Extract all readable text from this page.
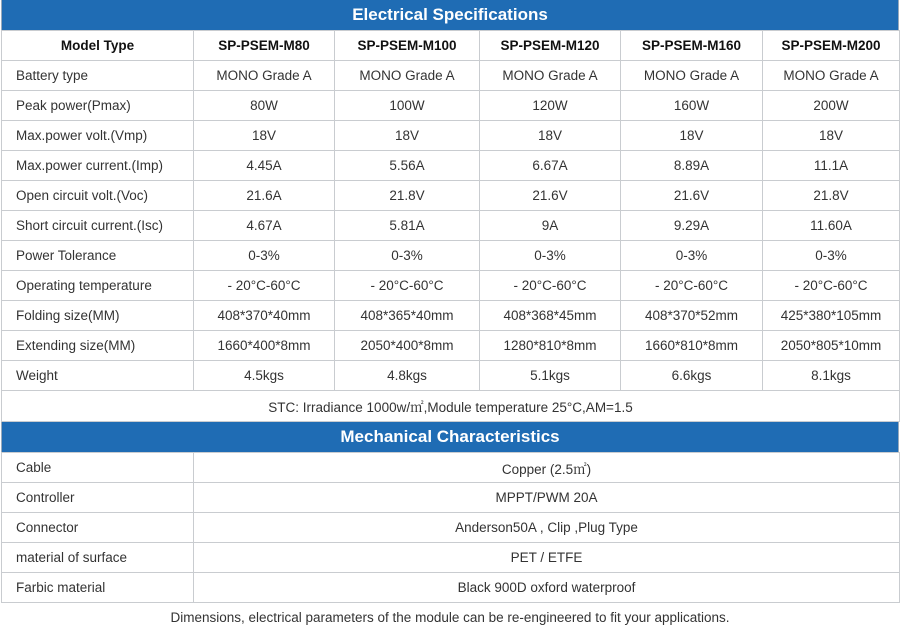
Electrical Specifications
Model Type	SP-PSEM-M80	SP-PSEM-M100	SP-PSEM-M120	SP-PSEM-M160	SP-PSEM-M200
Battery type	MONO Grade A	MONO Grade A	MONO Grade A	MONO Grade A	MONO Grade A
Peak power(Pmax)	80W	100W	120W	160W	200W
Max.power volt.(Vmp)	18V	18V	18V	18V	18V
Max.power current.(Imp)	4.45A	5.56A	6.67A	8.89A	11.1A
Open circuit volt.(Voc)	21.6A	21.8V	21.6V	21.6V	21.8V
Short circuit current.(Isc)	4.67A	5.81A	9A	9.29A	11.60A
Power Tolerance	0-3%	0-3%	0-3%	0-3%	0-3%
Operating temperature	- 20°C-60°C	- 20°C-60°C	- 20°C-60°C	- 20°C-60°C	- 20°C-60°C
Folding size(MM)	408*370*40mm	408*365*40mm	408*368*45mm	408*370*52mm	425*380*105mm
Extending size(MM)	1660*400*8mm	2050*400*8mm	1280*810*8mm	1660*810*8mm	2050*805*10mm
Weight	4.5kgs	4.8kgs	5.1kgs	6.6kgs	8.1kgs
STC: Irradiance 1000w/㎡,Module temperature 25°C,AM=1.5					
Mechanical Characteristics
Cable	Copper (2.5㎡)
Controller	MPPT/PWM 20A
Connector	Anderson50A , Clip ,Plug Type
material of surface	PET / ETFE
Farbic material	Black 900D oxford waterproof
Dimensions, electrical parameters of the module can be re-engineered to fit your applications.
